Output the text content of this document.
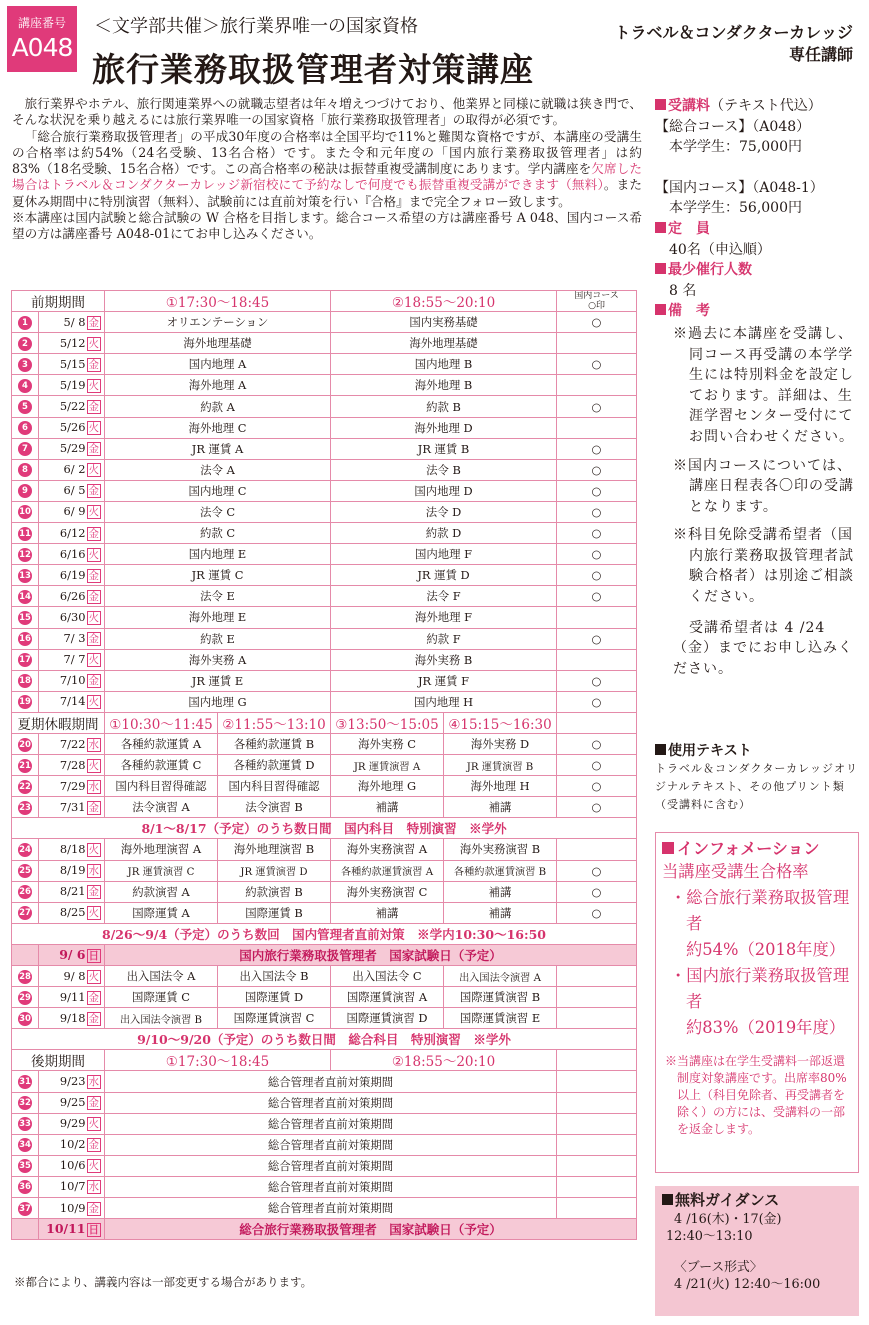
講座番号
A048
＜文学部共催＞旅行業界唯一の国家資格
旅行業務取扱管理者対策講座
トラベル＆コンダクターカレッジ
専任講師

旅行業界やホテル、旅行関連業界への就職志望者は年々増えつづけており、他業界と同様に就職は狭き門で、そんな状況を乗り越えるには旅行業界唯一の国家資格「旅行業務取扱管理者」の取得が必須です。

「総合旅行業務取扱管理者」の平成30年度の合格率は全国平均で11%と難関な資格ですが、本講座の受講生の合格率は約54%（24名受験、13名合格）です。また令和元年度の「国内旅行業務取扱管理者」は約83%（18名受験、15名合格）です。この高合格率の秘訣は振替重複受講制度にあります。学内講座を欠席した場合はトラベル＆コンダクターカレッジ新宿校にて予約なしで何度でも振替重複受講ができます（無料）。また夏休み期間中に特別演習（無料）、試験前には直前対策を行い『合格』まで完全フォロー致します。

※本講座は国内試験と総合試験の W 合格を目指します。総合コース希望の方は講座番号 A 048、国内コース希望の方は講座番号 A048-01にてお申し込みください。

前期期間		①17:30〜18:45		②18:55〜20:10		国内コース
○印
1	5/ 8 金	オリエンテーション		国内実務基礎		○
2	5/12 火	海外地理基礎		海外地理基礎		
3	5/15 金	国内地理 A		国内地理 B		○
4	5/19 火	海外地理 A		海外地理 B		
5	5/22 金	約款 A		約款 B		○
6	5/26 火	海外地理 C		海外地理 D		
7	5/29 金	JR 運賃 A		JR 運賃 B		○
8	6/ 2 火	法令 A		法令 B		○
9	6/ 5 金	国内地理 C		国内地理 D		○
10	6/ 9 火	法令 C		法令 D		○
11	6/12 金	約款 C		約款 D		○
12	6/16 火	国内地理 E		国内地理 F		○
13	6/19 金	JR 運賃 C		JR 運賃 D		○
14	6/26 金	法令 E		法令 F		○
15	6/30 火	海外地理 E		海外地理 F		
16	7/ 3 金	約款 E		約款 F		○
17	7/ 7 火	海外実務 A		海外実務 B		
18	7/10 金	JR 運賃 E		JR 運賃 F		○
19	7/14 火	国内地理 G		国内地理 H		○
夏期休暇期間		①10:30〜11:45	②11:55〜13:10	③13:50〜15:05	④15:15〜16:30	
20	7/22 水	各種約款運賃 A	各種約款運賃 B	海外実務 C	海外実務 D	○
21	7/28 火	各種約款運賃 C	各種約款運賃 D	JR 運賃演習 A	JR 運賃演習 B	○
22	7/29 水	国内科目習得確認	国内科目習得確認	海外地理 G	海外地理 H	○
23	7/31 金	法令演習 A	法令演習 B	補講	補講	○
8/1〜8/17（予定）のうち数日間　国内科目　特別演習　※学外						
24	8/18 火	海外地理演習 A	海外地理演習 B	海外実務演習 A	海外実務演習 B	
25	8/19 水	JR 運賃演習 C	JR 運賃演習 D	各種約款運賃演習 A	各種約款運賃演習 B	○
26	8/21 金	約款演習 A	約款演習 B	海外実務演習 C	補講	○
27	8/25 火	国際運賃 A	国際運賃 B	補講	補講	○
8/26〜9/4（予定）のうち数回　国内管理者直前対策　※学内10:30〜16:50						
	9/ 6 日	国内旅行業務取扱管理者　国家試験日（予定）				
28	9/ 8 火	出入国法令 A	出入国法令 B	出入国法令 C	出入国法令演習 A	
29	9/11 金	国際運賃 C	国際運賃 D	国際運賃演習 A	国際運賃演習 B	
30	9/18 金	出入国法令演習 B	国際運賃演習 C	国際運賃演習 D	国際運賃演習 E	
9/10〜9/20（予定）のうち数日間　総合科目　特別演習　※学外						
後期期間		①17:30〜18:45		②18:55〜20:10		
31	9/23 水	総合管理者直前対策期間				
32	9/25 金	総合管理者直前対策期間				
33	9/29 火	総合管理者直前対策期間				
34	10/2 金	総合管理者直前対策期間				
35	10/6 火	総合管理者直前対策期間				
36	10/7 水	総合管理者直前対策期間				
37	10/9 金	総合管理者直前対策期間				
	10/11 日	総合旅行業務取扱管理者　国家試験日（予定）				
※都合により、講義内容は一部変更する場合があります。
受講料（テキスト代込）
【総合コース】（A048）
本学学生：75,000円
【国内コース】（A048-1）
本学学生：56,000円
定　員
40名（申込順）
最少催行人数
8 名
備　考
※過去に本講座を受講し、同コース再受講の本学学生には特別料金を設定しております。詳細は、生涯学習センター受付にてお問い合わせください。
※国内コースについては、講座日程表各〇印の受講となります。
※科目免除受講希望者（国内旅行業務取扱管理者試験合格者）は別途ご相談ください。
受講希望者は 4 /24（金）までにお申し込みください。
使用テキスト
トラベル＆コンダクターカレッジオリジナルテキスト、その他プリント類（受講料に含む）
インフォメーション
当講座受講生合格率
・総合旅行業務取扱管理者
約54%（2018年度）
・国内旅行業務取扱管理者
約83%（2019年度）
※当講座は在学生受講料一部返還制度対象講座です。出席率80%以上（科目免除者、再受講者を除く）の方には、受講料の一部を返金します。
無料ガイダンス
4 /16(木)・17(金)
12:40〜13:10
〈ブース形式〉
4 /21(火) 12:40〜16:00
